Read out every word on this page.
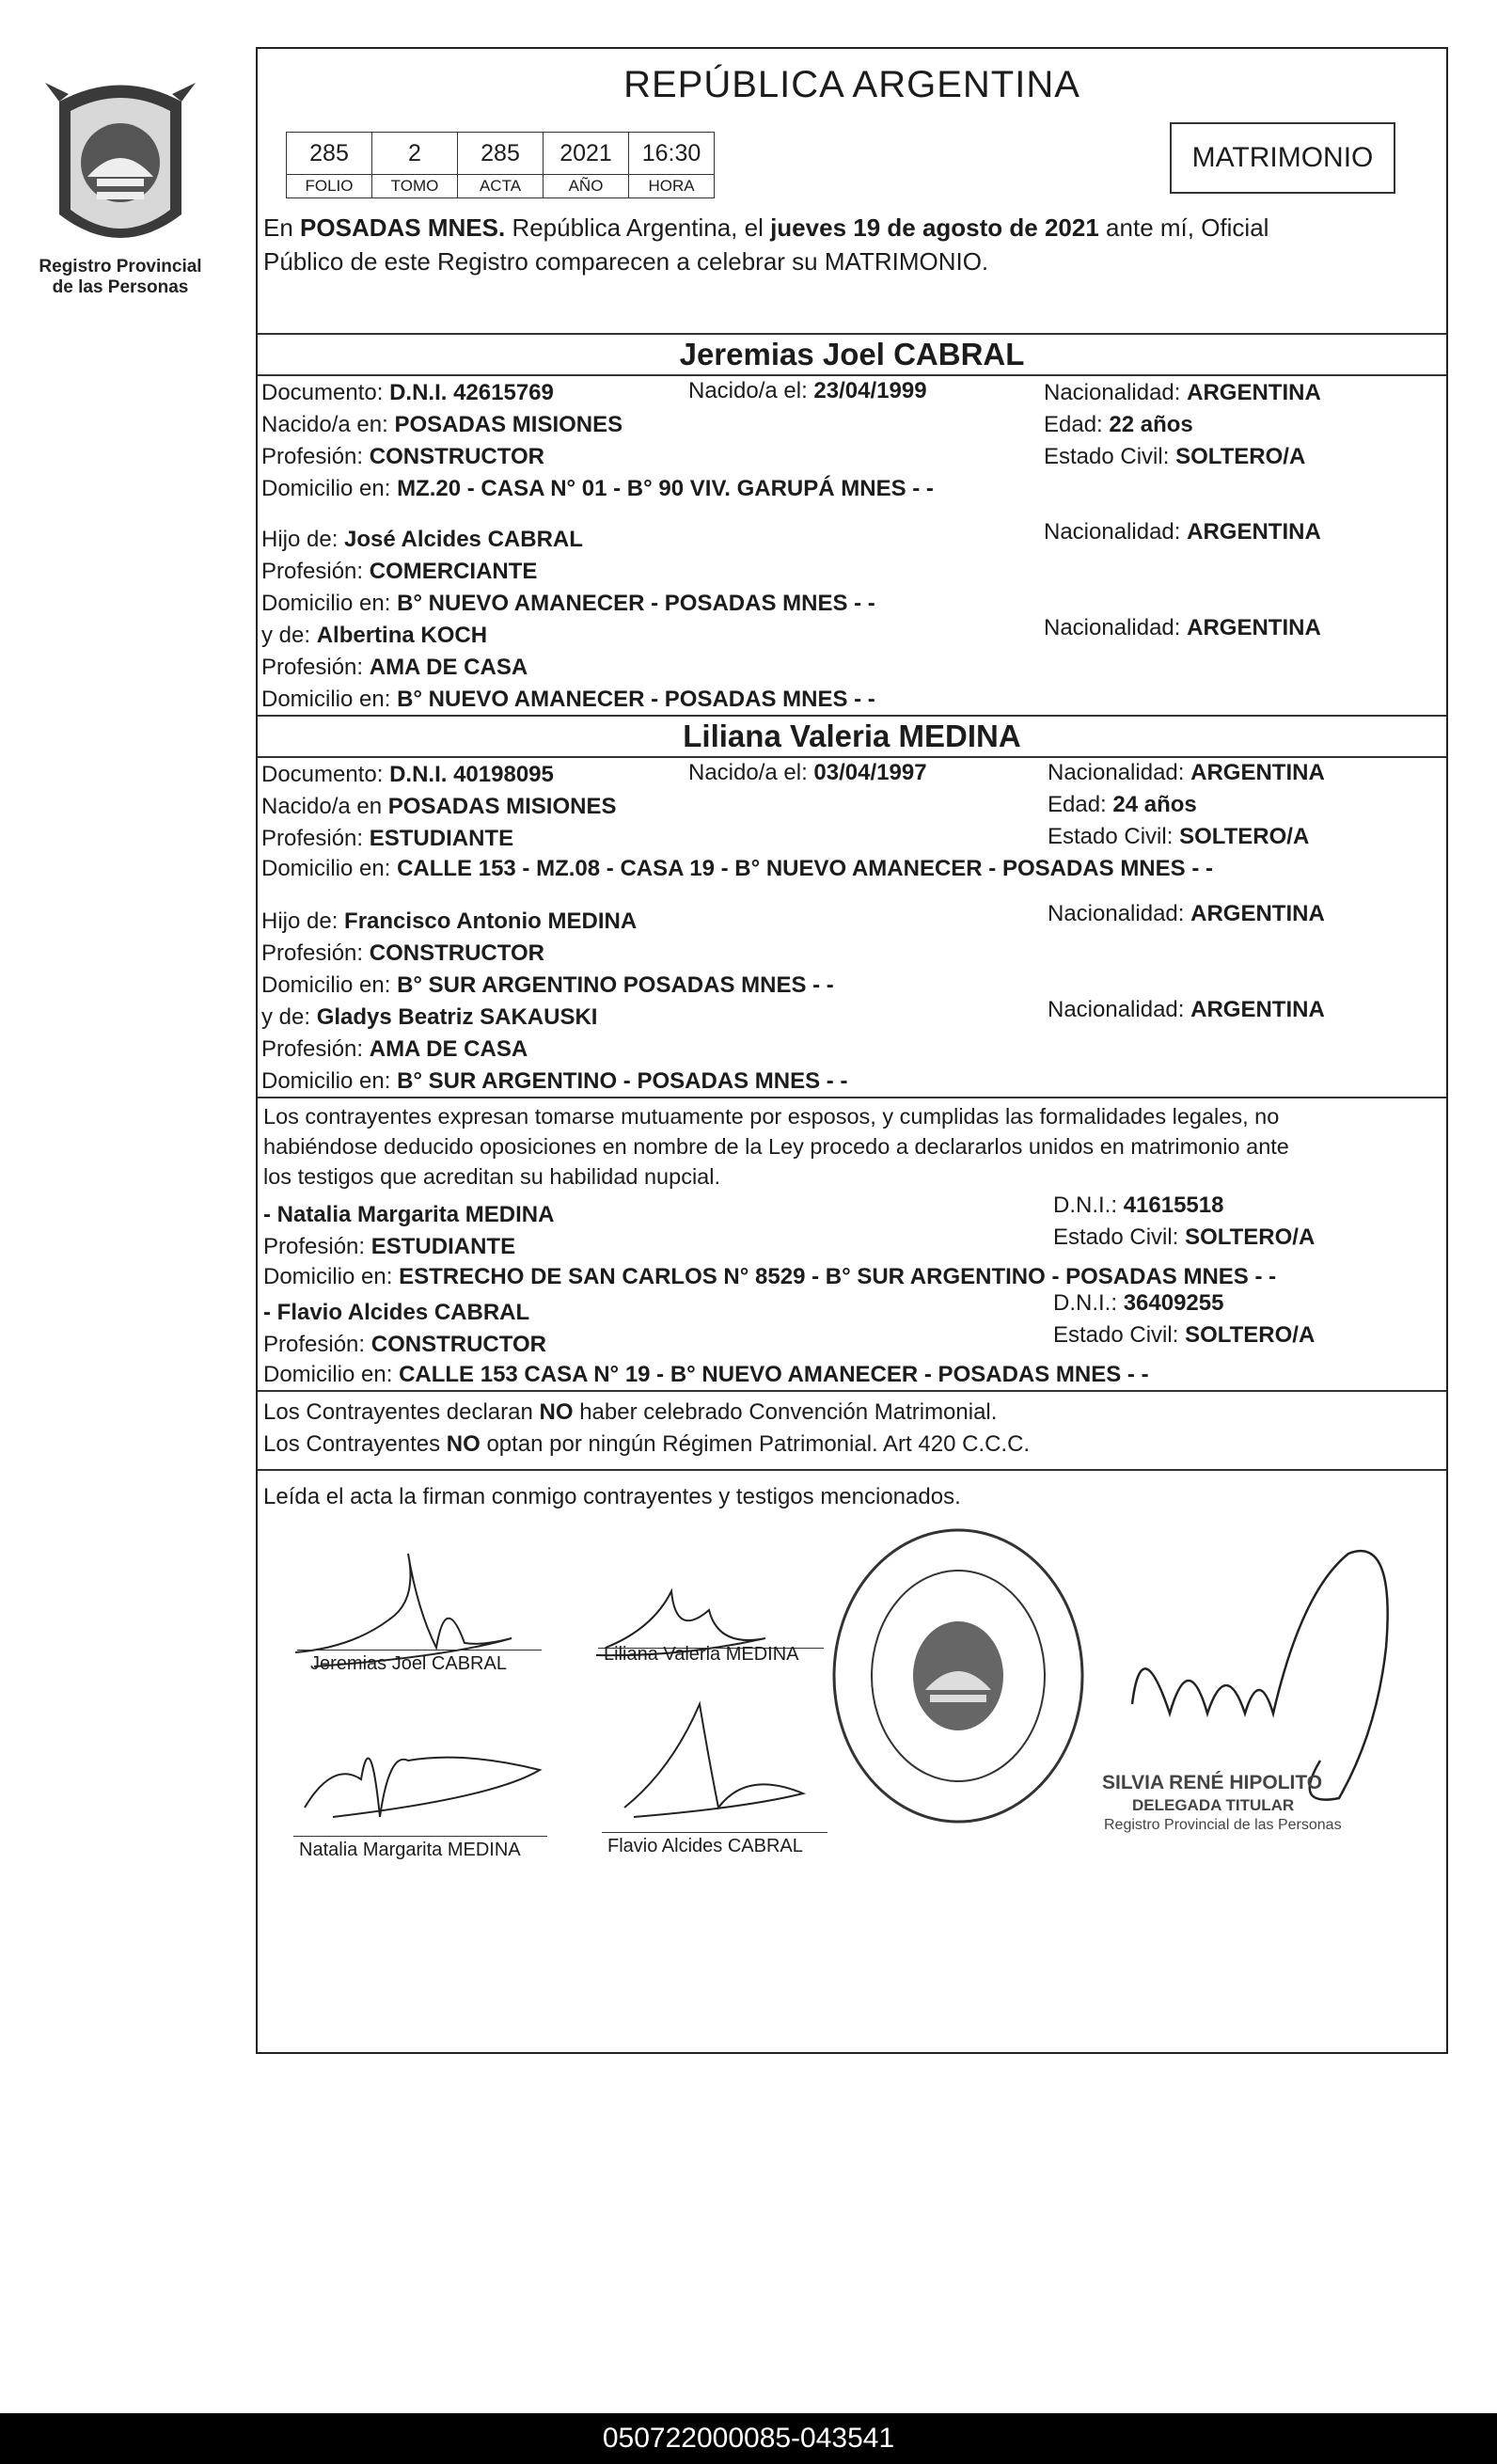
Registro Provincial
de las Personas
REPÚBLICA ARGENTINA
285	2	285	2021	16:30
FOLIO	TOMO	ACTA	AÑO	HORA
MATRIMONIO
En POSADAS MNES. República Argentina, el jueves 19 de agosto de 2021 ante mí, Oficial
Público de este Registro comparecen a celebrar su MATRIMONIO.
Jeremias Joel CABRAL
Documento: D.N.I. 42615769	Nacido/a el: 23/04/1999	Nacionalidad: ARGENTINA
Nacido/a en: POSADAS MISIONES	Edad: 22 años
Profesión: CONSTRUCTOR	Estado Civil: SOLTERO/A
Domicilio en: MZ.20 - CASA N° 01 - B° 90 VIV. GARUPÁ MNES - -
Hijo de: José Alcides CABRAL	Nacionalidad: ARGENTINA
Profesión: COMERCIANTE
Domicilio en: B° NUEVO AMANECER - POSADAS MNES - -
y de: Albertina KOCH	Nacionalidad: ARGENTINA
Profesión: AMA DE CASA
Domicilio en: B° NUEVO AMANECER - POSADAS MNES - -
Liliana Valeria MEDINA
Documento: D.N.I. 40198095	Nacido/a el: 03/04/1997	Nacionalidad: ARGENTINA
Nacido/a en POSADAS MISIONES	Edad: 24 años
Profesión: ESTUDIANTE	Estado Civil: SOLTERO/A
Domicilio en: CALLE 153 - MZ.08 - CASA 19 - B° NUEVO AMANECER - POSADAS MNES - -
Hijo de: Francisco Antonio MEDINA	Nacionalidad: ARGENTINA
Profesión: CONSTRUCTOR
Domicilio en: B° SUR ARGENTINO POSADAS MNES - -
y de: Gladys Beatriz SAKAUSKI	Nacionalidad: ARGENTINA
Profesión: AMA DE CASA
Domicilio en: B° SUR ARGENTINO - POSADAS MNES - -
Los contrayentes expresan tomarse mutuamente por esposos, y cumplidas las formalidades legales, no
habiéndose deducido oposiciones en nombre de la Ley procedo a declararlos unidos en matrimonio ante
los testigos que acreditan su habilidad nupcial.
- Natalia Margarita MEDINA	D.N.I.: 41615518
Profesión: ESTUDIANTE	Estado Civil: SOLTERO/A
Domicilio en: ESTRECHO DE SAN CARLOS N° 8529 - B° SUR ARGENTINO - POSADAS MNES - -
- Flavio Alcides CABRAL	D.N.I.: 36409255
Profesión: CONSTRUCTOR	Estado Civil: SOLTERO/A
Domicilio en: CALLE 153 CASA N° 19 - B° NUEVO AMANECER - POSADAS MNES - -
Los Contrayentes declaran NO haber celebrado Convención Matrimonial.
Los Contrayentes NO optan por ningún Régimen Patrimonial. Art 420 C.C.C.
Leída el acta la firman conmigo contrayentes y testigos mencionados.
Jeremias Joel CABRAL	Liliana Valeria MEDINA
Natalia Margarita MEDINA	Flavio Alcides CABRAL
SILVIA RENÉ HIPOLITO
DELEGADA TITULAR
Registro Provincial de las Personas
050722000085-043541
